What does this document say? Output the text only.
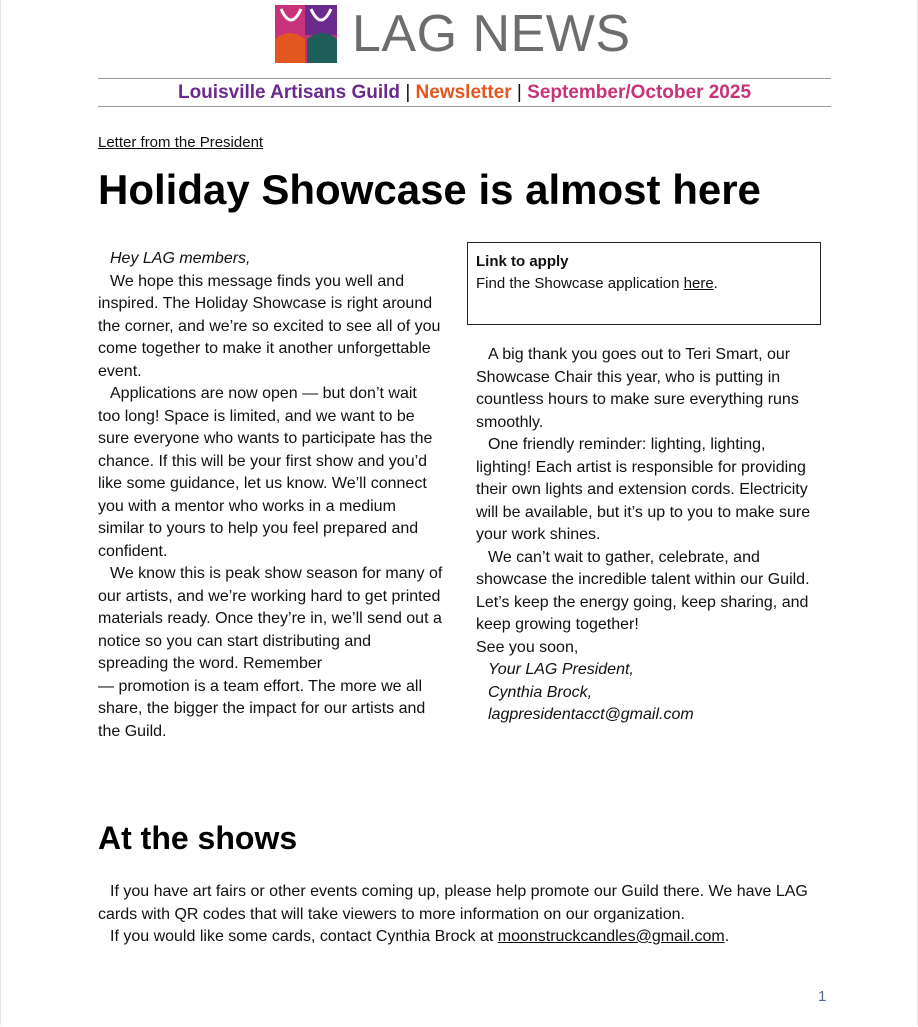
LAG NEWS
Louisville Artisans Guild | Newsletter | September/October 2025
Letter from the President
Holiday Showcase is almost here

Hey LAG members,

We hope this message finds you well and inspired. The Holiday Showcase is right around the corner, and we’re so excited to see all of you come together to make it another unforgettable event.

Applications are now open — but don’t wait too long! Space is limited, and we want to be sure everyone who wants to participate has the chance. If this will be your first show and you’d like some guidance, let us know. We’ll connect you with a mentor who works in a medium similar to yours to help you feel prepared and confident.

We know this is peak show season for many of our artists, and we’re working hard to get printed materials ready. Once they’re in, we’ll send out a notice so you can start distributing and spreading the word. Remember

— promotion is a team effort. The more we all share, the bigger the impact for our artists and the Guild.

Link to apply
Find the Showcase application here.

A big thank you goes out to Teri Smart, our Showcase Chair this year, who is putting in countless hours to make sure everything runs smoothly.

One friendly reminder: lighting, lighting, lighting! Each artist is responsible for providing their own lights and extension cords. Electricity will be available, but it’s up to you to make sure your work shines.

We can’t wait to gather, celebrate, and showcase the incredible talent within our Guild. Let’s keep the energy going, keep sharing, and keep growing together!

See you soon,

Your LAG President,

Cynthia Brock,

lagpresidentacct@gmail.com

At the shows

If you have art fairs or other events coming up, please help promote our Guild there. We have LAG cards with QR codes that will take viewers to more information on our organization.

If you would like some cards, contact Cynthia Brock at moonstruckcandles@gmail.com.

1
